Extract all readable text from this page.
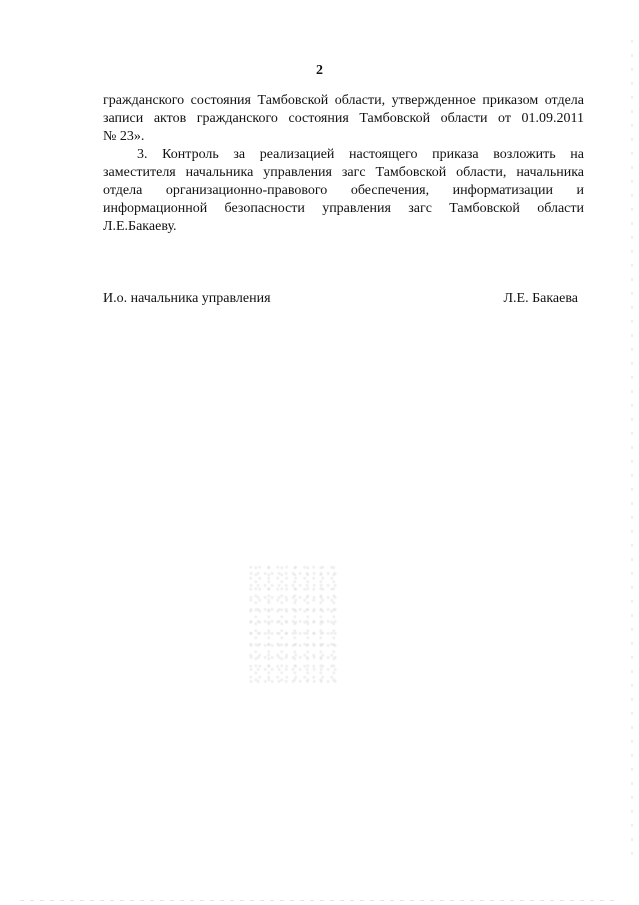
2
гражданского состояния Тамбовской области, утвержденное приказом отдела
записи актов гражданского состояния Тамбовской области от 01.09.2011
№ 23».
3. Контроль за реализацией настоящего приказа возложить на
заместителя начальника управления загс Тамбовской области, начальника
отдела организационно-правового обеспечения, информатизации и
информационной безопасности управления загс Тамбовской области
Л.Е.Бакаеву.
И.о. начальника управления	Л.Е. Бакаева
